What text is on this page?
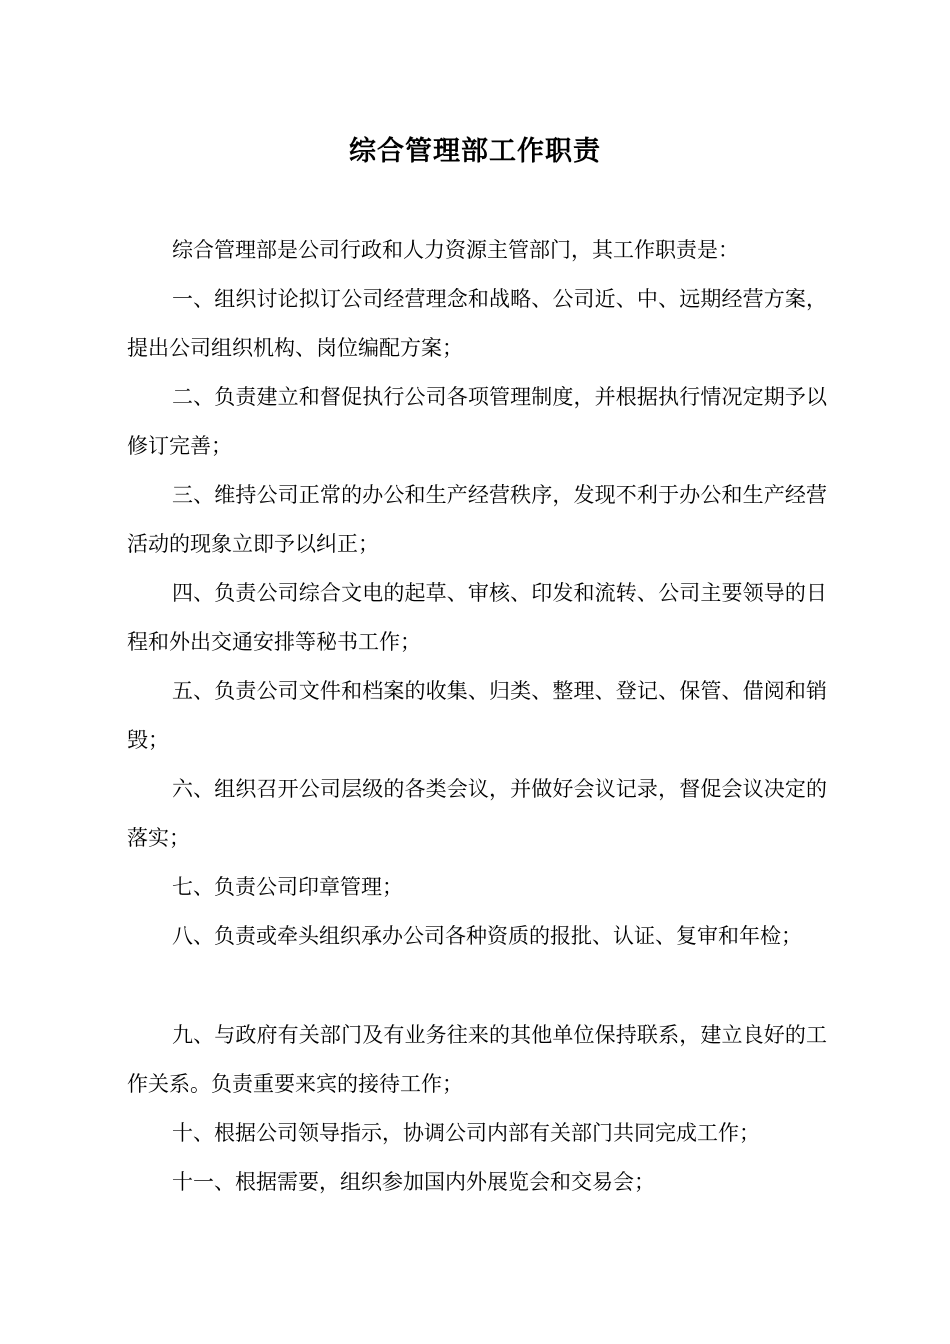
综合管理部工作职责

综合管理部是公司行政和人力资源主管部门，其工作职责是：

一、组织讨论拟订公司经营理念和战略、公司近、中、远期经营方案，提出公司组织机构、岗位编配方案；

二、负责建立和督促执行公司各项管理制度，并根据执行情况定期予以修订完善；

三、维持公司正常的办公和生产经营秩序，发现不利于办公和生产经营活动的现象立即予以纠正；

四、负责公司综合文电的起草、审核、印发和流转、公司主要领导的日程和外出交通安排等秘书工作；

五、负责公司文件和档案的收集、归类、整理、登记、保管、借阅和销毁；

六、组织召开公司层级的各类会议，并做好会议记录，督促会议决定的落实；

七、负责公司印章管理；

八、负责或牵头组织承办公司各种资质的报批、认证、复审和年检；

九、与政府有关部门及有业务往来的其他单位保持联系，建立良好的工作关系。负责重要来宾的接待工作；

十、根据公司领导指示，协调公司内部有关部门共同完成工作；

十一、根据需要，组织参加国内外展览会和交易会；
